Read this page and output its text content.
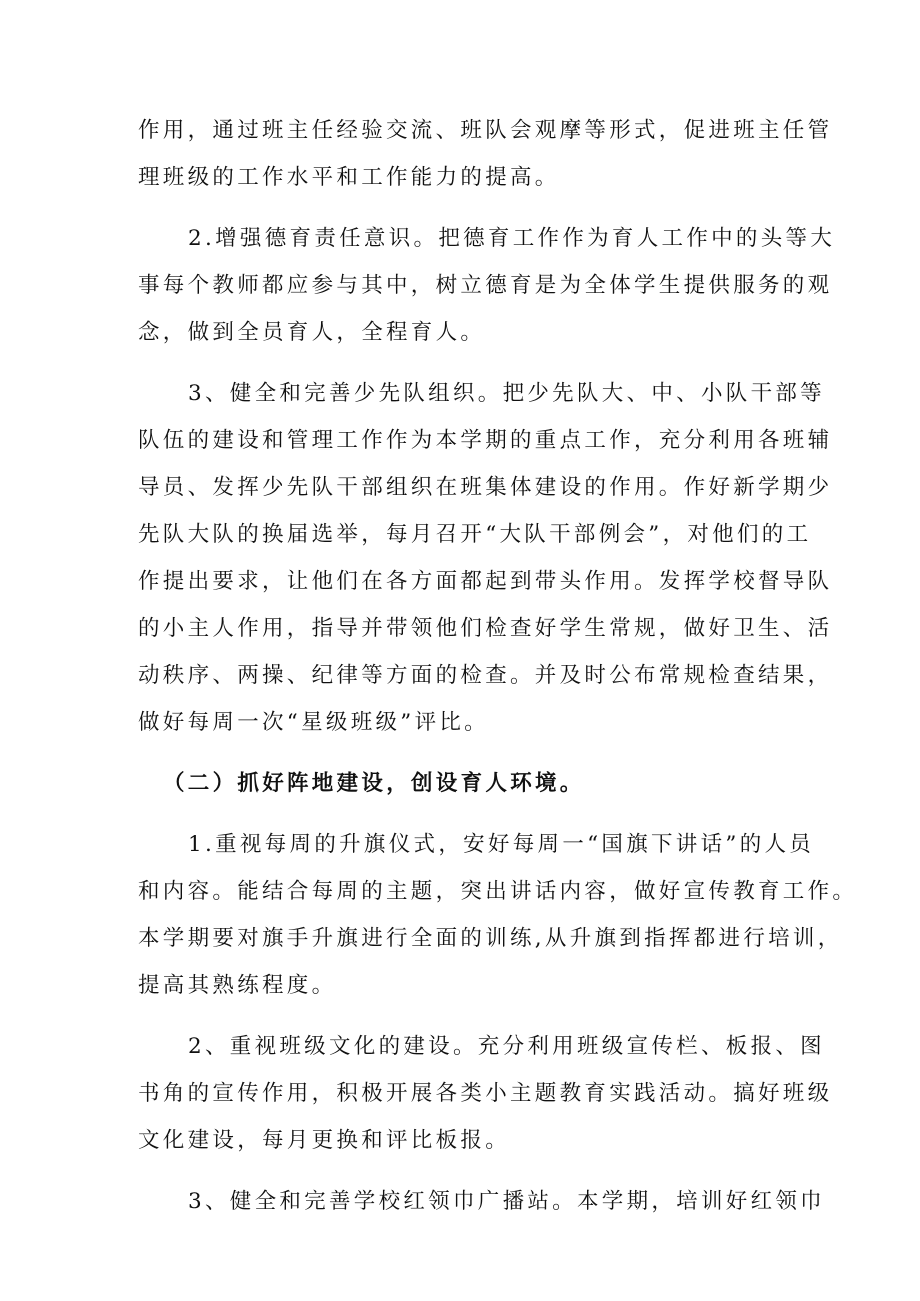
作用，通过班主任经验交流、班队会观摩等形式，促进班主任管
理班级的工作水平和工作能力的提高。

2.增强德育责任意识。把德育工作作为育人工作中的头等大
事每个教师都应参与其中，树立德育是为全体学生提供服务的观
念，做到全员育人，全程育人。

3、健全和完善少先队组织。把少先队大、中、小队干部等
队伍的建设和管理工作作为本学期的重点工作，充分利用各班辅
导员、发挥少先队干部组织在班集体建设的作用。作好新学期少
先队大队的换届选举，每月召开“大队干部例会”，对他们的工
作提出要求，让他们在各方面都起到带头作用。发挥学校督导队
的小主人作用，指导并带领他们检查好学生常规，做好卫生、活
动秩序、两操、纪律等方面的检查。并及时公布常规检查结果，
做好每周一次“星级班级”评比。

（二）抓好阵地建设，创设育人环境。

1.重视每周的升旗仪式，安好每周一“国旗下讲话”的人员
和内容。能结合每周的主题，突出讲话内容，做好宣传教育工作。
本学期要对旗手升旗进行全面的训练,从升旗到指挥都进行培训，
提高其熟练程度。

2、重视班级文化的建设。充分利用班级宣传栏、板报、图
书角的宣传作用，积极开展各类小主题教育实践活动。搞好班级
文化建设，每月更换和评比板报。

3、健全和完善学校红领巾广播站。本学期，培训好红领巾
